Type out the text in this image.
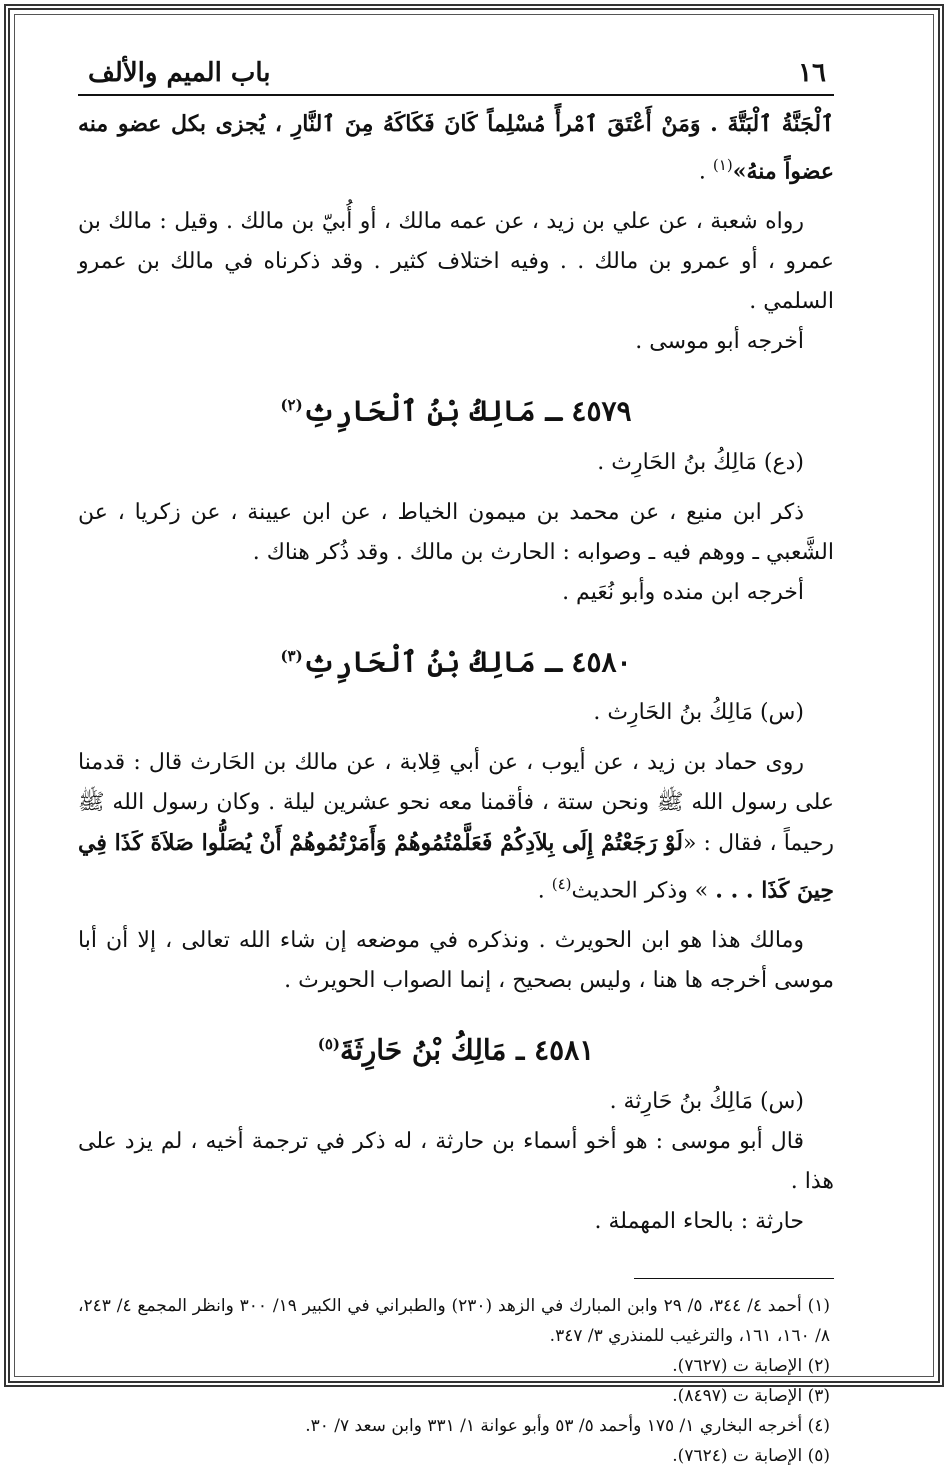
١٦
باب الميم والألف

ٱلْجَنَّةُ ٱلْبَتَّةَ . وَمَنْ أَعْتَقَ ٱمْرأً مُسْلِماً كَانَ فَكَاكَهُ مِنَ ٱلنَّارِ ، يُجزى بكل عضو منه عضواً منهُ»$^{(١)}$ .

رواه شعبة ، عن علي بن زيد ، عن عمه مالك ، أو أُبيّ بن مالك . وقيل : مالك بن عمرو ، أو عمرو بن مالك . . وفيه اختلاف كثير . وقد ذكرناه في مالك بن عمرو السلمي .

أخرجه أبو موسى .

٤٥٧٩ ـ مَالِكُ بْنُ ٱلْحَارِثِ$^{(٢)}$

(دع) مَالِكُ بنُ الحَارِث .

ذكر ابن منيع ، عن محمد بن ميمون الخياط ، عن ابن عيينة ، عن زكريا ، عن الشَّعبي ـ ووهم فيه ـ وصوابه : الحارث بن مالك . وقد ذُكر هناك .

أخرجه ابن منده وأبو نُعَيم .

٤٥٨٠ ـ مَالِكُ بْنُ ٱلْحَارِثِ$^{(٣)}$

(س) مَالِكُ بنُ الحَارِث .

روى حماد بن زيد ، عن أيوب ، عن أبي قِلابة ، عن مالك بن الحَارث قال : قدمنا على رسول الله ﷺ ونحن ستة ، فأقمنا معه نحو عشرين ليلة . وكان رسول الله ﷺ رحيماً ، فقال : «لَوْ رَجَعْتُمْ إِلَى بِلاَدِكُمْ فَعَلَّمْتُمُوهُمْ وَأَمَرْتُمُوهُمْ أَنْ يُصَلُّوا صَلاَةَ كَذَا فِي حِينَ كَذَا . . . » وذكر الحديث$^{(٤)}$ .

ومالك هذا هو ابن الحويرث . ونذكره في موضعه إن شاء الله تعالى ، إلا أن أبا موسى أخرجه ها هنا ، وليس بصحيح ، إنما الصواب الحويرث .

٤٥٨١ ـ مَالِكُ بْنُ حَارِثَةَ$^{(٥)}$

(س) مَالِكُ بنُ حَارِثة .

قال أبو موسى : هو أخو أسماء بن حارثة ، له ذكر في ترجمة أخيه ، لم يزد على هذا .

حارثة : بالحاء المهملة .

(١) أحمد ٤/ ٣٤٤، ٥/ ٢٩ وابن المبارك في الزهد (٢٣٠) والطبراني في الكبير ١٩/ ٣٠٠ وانظر المجمع ٤/ ٢٤٣، ٨/ ١٦٠، ١٦١، والترغيب للمنذري ٣/ ٣٤٧.
(٢) الإصابة ت (٧٦٢٧).
(٣) الإصابة ت (٨٤٩٧).
(٤) أخرجه البخاري ١/ ١٧٥ وأحمد ٥/ ٥٣ وأبو عوانة ١/ ٣٣١ وابن سعد ٧/ ٣٠.
(٥) الإصابة ت (٧٦٢٤).
